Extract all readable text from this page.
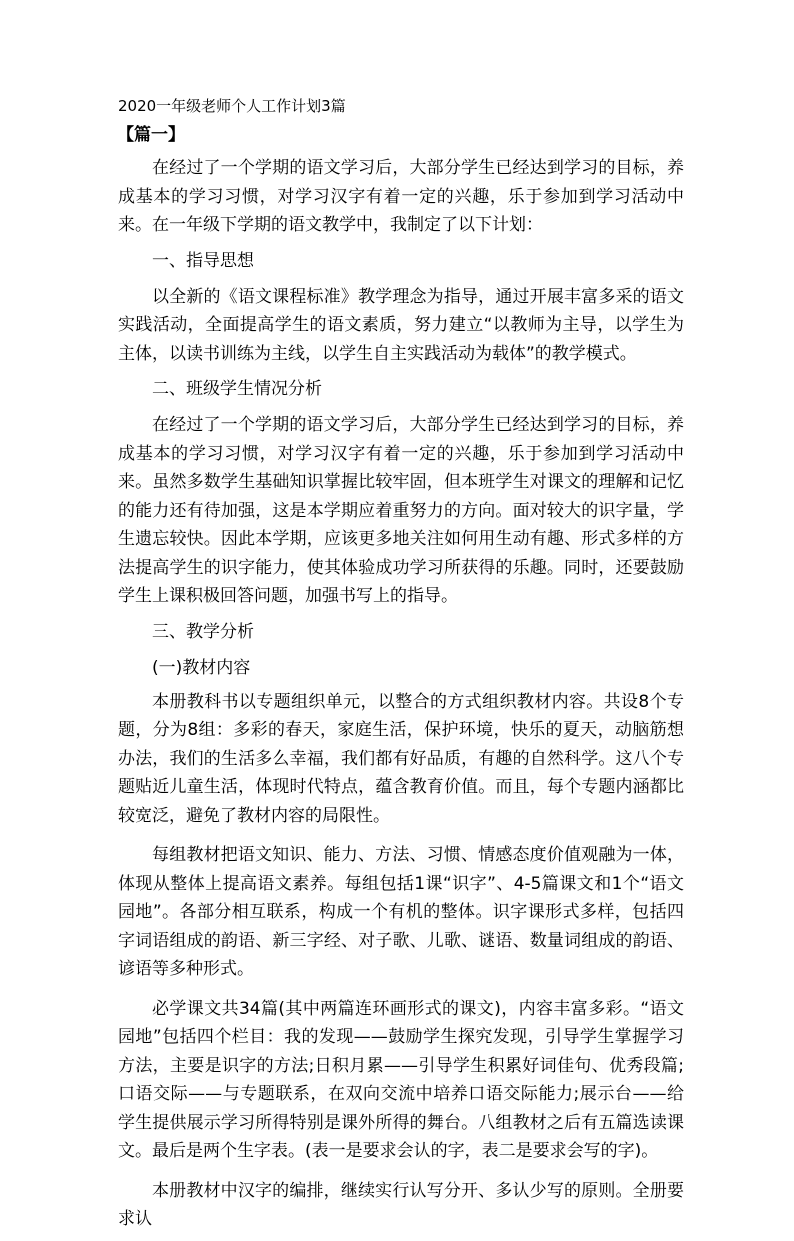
2020一年级老师个人工作计划3篇
【篇一】

在经过了一个学期的语文学习后，大部分学生已经达到学习的目标，养成基本的学习习惯，对学习汉字有着一定的兴趣，乐于参加到学习活动中来。在一年级下学期的语文教学中，我制定了以下计划：

一、指导思想

以全新的《语文课程标准》教学理念为指导，通过开展丰富多采的语文实践活动，全面提高学生的语文素质，努力建立“以教师为主导，以学生为主体，以读书训练为主线，以学生自主实践活动为载体”的教学模式。

二、班级学生情况分析

在经过了一个学期的语文学习后，大部分学生已经达到学习的目标，养成基本的学习习惯，对学习汉字有着一定的兴趣，乐于参加到学习活动中来。虽然多数学生基础知识掌握比较牢固，但本班学生对课文的理解和记忆的能力还有待加强，这是本学期应着重努力的方向。面对较大的识字量，学生遗忘较快。因此本学期，应该更多地关注如何用生动有趣、形式多样的方法提高学生的识字能力，使其体验成功学习所获得的乐趣。同时，还要鼓励学生上课积极回答问题，加强书写上的指导。

三、教学分析

(一)教材内容

本册教科书以专题组织单元，以整合的方式组织教材内容。共设8个专题，分为8组：多彩的春天，家庭生活，保护环境，快乐的夏天，动脑筋想办法，我们的生活多么幸福，我们都有好品质，有趣的自然科学。这八个专题贴近儿童生活，体现时代特点，蕴含教育价值。而且，每个专题内涵都比较宽泛，避免了教材内容的局限性。

每组教材把语文知识、能力、方法、习惯、情感态度价值观融为一体，体现从整体上提高语文素养。每组包括1课“识字”、4-5篇课文和1个“语文园地”。各部分相互联系，构成一个有机的整体。识字课形式多样，包括四字词语组成的韵语、新三字经、对子歌、儿歌、谜语、数量词组成的韵语、谚语等多种形式。

必学课文共34篇(其中两篇连环画形式的课文)，内容丰富多彩。“语文园地”包括四个栏目：我的发现——鼓励学生探究发现，引导学生掌握学习方法，主要是识字的方法;日积月累——引导学生积累好词佳句、优秀段篇;口语交际——与专题联系，在双向交流中培养口语交际能力;展示台——给学生提供展示学习所得特别是课外所得的舞台。八组教材之后有五篇选读课文。最后是两个生字表。(表一是要求会认的字，表二是要求会写的字)。

本册教材中汉字的编排，继续实行认写分开、多认少写的原则。全册要求认
